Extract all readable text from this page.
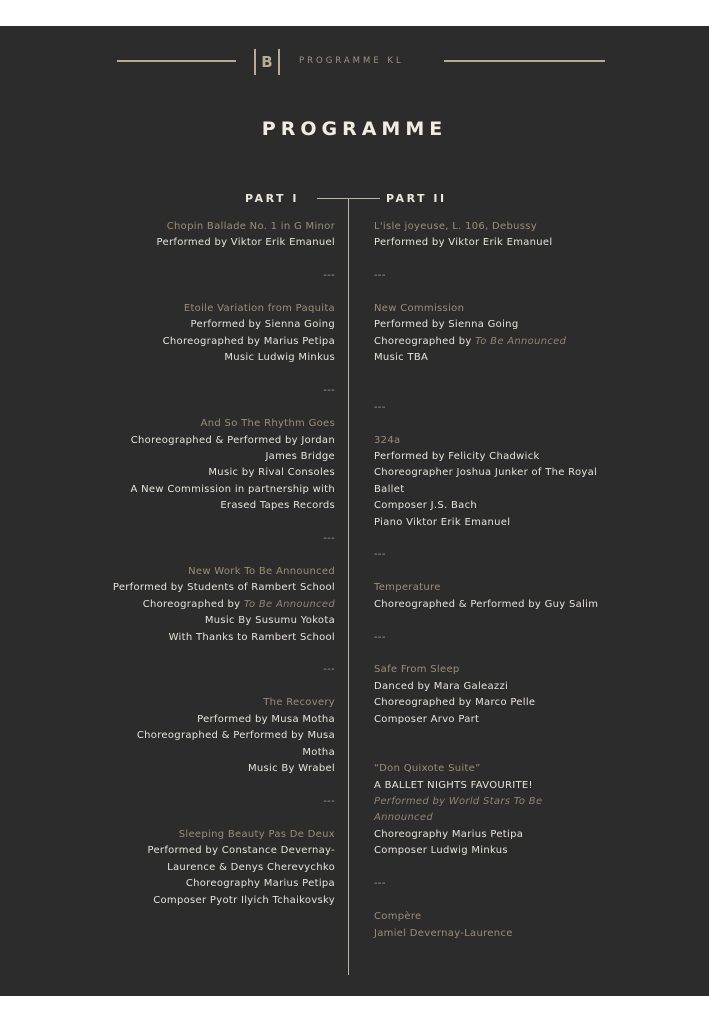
B	PROGRAMME KL
PROGRAMME
PART I	PART II
Chopin Ballade No. 1 in G Minor
Performed by Viktor Erik Emanuel
---
Etoile Variation from Paquita
Performed by Sienna Going
Choreographed by Marius Petipa
Music Ludwig Minkus
---
And So The Rhythm Goes
Choreographed & Performed by Jordan
James Bridge
Music by Rival Consoles
A New Commission in partnership with
Erased Tapes Records
---
New Work To Be Announced
Performed by Students of Rambert School
Choreographed by To Be Announced
Music By Susumu Yokota
With Thanks to Rambert School
---
The Recovery
Performed by Musa Motha
Choreographed & Performed by Musa
Motha
Music By Wrabel
---
Sleeping Beauty Pas De Deux
Performed by Constance Devernay-
Laurence & Denys Cherevychko
Choreography Marius Petipa
Composer Pyotr Ilyich Tchaikovsky
L'isle joyeuse, L. 106, Debussy
Performed by Viktor Erik Emanuel
---
New Commission
Performed by Sienna Going
Choreographed by To Be Announced
Music TBA
---
324a
Performed by Felicity Chadwick
Choreographer Joshua Junker of The Royal
Ballet
Composer J.S. Bach
Piano Viktor Erik Emanuel
---
Temperature
Choreographed & Performed by Guy Salim
---
Safe From Sleep
Danced by Mara Galeazzi
Choreographed by Marco Pelle
Composer Arvo Part
“Don Quixote Suite”
A BALLET NIGHTS FAVOURITE!
Performed by World Stars To Be
Announced
Choreography Marius Petipa
Composer Ludwig Minkus
---
Compère
Jamiel Devernay-Laurence
